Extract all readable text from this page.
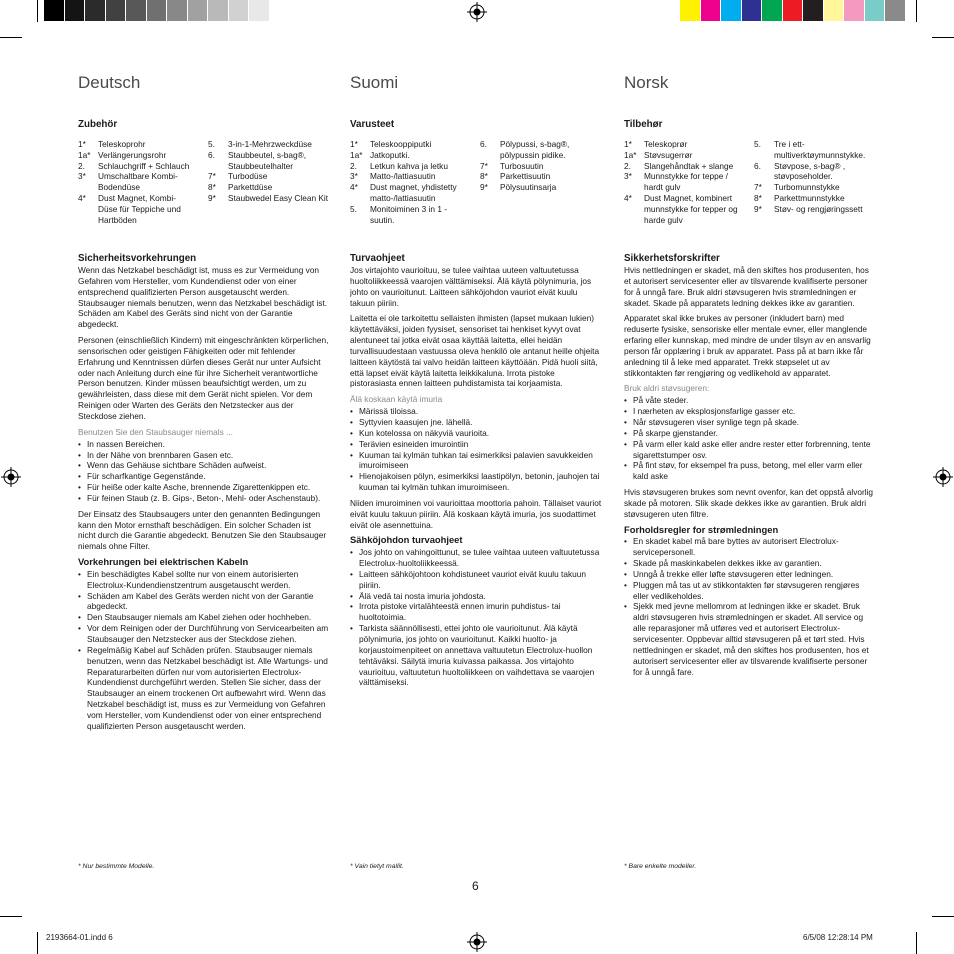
Deutsch
Zubehör
1*	Teleskoprohr
1a* Verlängerungsrohr
2.	Schlauchgriff + Schlauch
3*	Umschaltbare Kombi-Bodendüse
4*	Dust Magnet, Kombi-Düse für Teppiche und Hartböden
5.	3-in-1-Mehrzweckdüse
6.	Staubbeutel, s-bag®, Staubbeutelhalter
7*	Turbodüse
8*	Parkettdüse
9*	Staubwedel Easy Clean Kit
Sicherheitsvorkehrungen

Wenn das Netzkabel beschädigt ist, muss es zur Vermeidung von Gefahren vom Hersteller, vom Kundendienst oder von einer entsprechend qualifizierten Person ausgetauscht werden. Staubsauger niemals benutzen, wenn das Netzkabel beschädigt ist. Schäden am Kabel des Geräts sind nicht von der Garantie abgedeckt.

Personen (einschließlich Kindern) mit eingeschränkten körperlichen, sensorischen oder geistigen Fähigkeiten oder mit fehlender Erfahrung und Kenntnissen dürfen dieses Gerät nur unter Aufsicht oder nach Anleitung durch eine für ihre Sicherheit verantwortliche Person benutzen. Kinder müssen beaufsichtigt werden, um zu gewährleisten, dass diese mit dem Gerät nicht spielen. Vor dem Reinigen oder Warten des Geräts den Netzstecker aus der Steckdose ziehen.

Benutzen Sie den Staubsauger niemals ...

• In nassen Bereichen.
• In der Nähe von brennbaren Gasen etc.
• Wenn das Gehäuse sichtbare Schäden aufweist.
• Für scharfkantige Gegenstände.
• Für heiße oder kalte Asche, brennende Zigarettenkippen etc.
• Für feinen Staub (z. B. Gips-, Beton-, Mehl- oder Aschenstaub).

Der Einsatz des Staubsaugers unter den genannten Bedingungen kann den Motor ernsthaft beschädigen. Ein solcher Schaden ist nicht durch die Garantie abgedeckt. Benutzen Sie den Staubsauger niemals ohne Filter.

Vorkehrungen bei elektrischen Kabeln
• Ein beschädigtes Kabel sollte nur von einem autorisierten Electrolux-Kundendienstzentrum ausgetauscht werden.
• Schäden am Kabel des Geräts werden nicht von der Garantie abgedeckt.
• Den Staubsauger niemals am Kabel ziehen oder hochheben.
• Vor dem Reinigen oder der Durchführung von Servicearbeiten am Staubsauger den Netzstecker aus der Steckdose ziehen.
• Regelmäßig Kabel auf Schäden prüfen. Staubsauger niemals benutzen, wenn das Netzkabel beschädigt ist. Alle Wartungs- und Reparaturarbeiten dürfen nur vom autorisierten Electrolux-Kundendienst durchgeführt werden. Stellen Sie sicher, dass der Staubsauger an einem trockenen Ort aufbewahrt wird. Wenn das Netzkabel beschädigt ist, muss es zur Vermeidung von Gefahren vom Hersteller, vom Kundendienst oder von einer entsprechend qualifizierten Person ausgetauscht werden.
* Nur bestimmte Modelle.
Suomi
Varusteet
1*	Teleskooppiputki
1a* Jatkoputki.
2.	Letkun kahva ja letku
3*	Matto-/lattiasuutin
4*	Dust magnet, yhdistetty matto-/lattiasuutin
5.	Monitoiminen 3 in 1 -suutin.
6.	Pölypussi, s-bag®, pölypussin pidike.
7*	Turbosuutin
8*	Parkettisuutin
9*	Pölysuutinsarja
Turvaohjeet

Jos virtajohto vaurioituu, se tulee vaihtaa uuteen valtuutetussa huoltoliikkeessä vaarojen välttämiseksi. Älä käytä pölynimuria, jos johto on vaurioitunut. Laitteen sähköjohdon vauriot eivät kuulu takuun piiriin.

Laitetta ei ole tarkoitettu sellaisten ihmisten (lapset mukaan lukien) käytettäväksi, joiden fyysiset, sensoriset tai henkiset kyvyt ovat alentuneet tai jotka eivät osaa käyttää laitetta, ellei heidän turvallisuudestaan vastuussa oleva henkilö ole antanut heille ohjeita laitteen käytöstä tai valvo heidän laitteen käyttöään. Pidä huoli siitä, että lapset eivät käytä laitetta leikkikaluna. Irrota pistoke pistorasiasta ennen laitteen puhdistamista tai korjaamista.

Älä koskaan käytä imuria

• Märissä tiloissa.
• Syttyvien kaasujen jne. lähellä.
• Kun kotelossa on näkyviä vaurioita.
• Terävien esineiden imurointiin
• Kuuman tai kylmän tuhkan tai esimerkiksi palavien savukkeiden imuroimiseen
• Hienojakoisen pölyn, esimerkiksi laastipölyn, betonin, jauhojen tai kuuman tai kylmän tuhkan imuroimiseen.

Niiden imuroiminen voi vaurioittaa moottoria pahoin. Tällaiset vauriot eivät kuulu takuun piiriin. Älä koskaan käytä imuria, jos suodattimet eivät ole asennettuina.

Sähköjohdon turvaohjeet
• Jos johto on vahingoittunut, se tulee vaihtaa uuteen valtuutetussa Electrolux-huoltoliikkeessä.
• Laitteen sähköjohtoon kohdistuneet vauriot eivät kuulu takuun piiriin.
• Älä vedä tai nosta imuria johdosta.
• Irrota pistoke virtalähteestä ennen imurin puhdistus- tai huoltotoimia.
• Tarkista säännöllisesti, ettei johto ole vaurioitunut. Älä käytä pölynimuria, jos johto on vaurioitunut. Kaikki huolto- ja korjaustoimenpiteet on annettava valtuutetun Electrolux-huollon tehtäväksi. Säilytä imuria kuivassa paikassa. Jos virtajohto vaurioituu, valtuutetun huoltoliikkeen on vaihdettava se vaarojen välttämiseksi.
* Vain tietyt mallit.
Norsk
Tilbehør
1*	Teleskoprør
1a* Støvsugerrør
2.	Slangehåndtak + slange
3*	Munnstykke for teppe / hardt gulv
4*	Dust Magnet, kombinert munnstykke for tepper og harde gulv
5.	Tre i ett-multiverktøymunnstykke.
6.	Støvpose, s-bag® , støvposeholder.
7*	Turbomunnstykke
8*	Parkettmunnstykke
9*	Støv- og rengjøringssett
Sikkerhetsforskrifter

Hvis nettledningen er skadet, må den skiftes hos produsenten, hos et autorisert servicesenter eller av tilsvarende kvalifiserte personer for å unngå fare. Bruk aldri støvsugeren hvis strømledningen er skadet. Skade på apparatets ledning dekkes ikke av garantien.

Apparatet skal ikke brukes av personer (inkludert barn) med reduserte fysiske, sensoriske eller mentale evner, eller manglende erfaring eller kunnskap, med mindre de under tilsyn av en ansvarlig person får opplæring i bruk av apparatet. Pass på at barn ikke får anledning til å leke med apparatet. Trekk støpselet ut av stikkontakten før rengjøring og vedlikehold av apparatet.

Bruk aldri støvsugeren:

• På våte steder.
• I nærheten av eksplosjonsfarlige gasser etc.
• Når støvsugeren viser synlige tegn på skade.
• På skarpe gjenstander.
• På varm eller kald aske eller andre rester etter forbrenning, tente sigarettstumper osv.
• På fint støv, for eksempel fra puss, betong, mel eller varm eller kald aske

Hvis støvsugeren brukes som nevnt ovenfor, kan det oppstå alvorlig skade på motoren. Slik skade dekkes ikke av garantien. Bruk aldri støvsugeren uten filtre.

Forholdsregler for strømledningen
• En skadet kabel må bare byttes av autorisert Electrolux-servicepersonell.
• Skade på maskinkabelen dekkes ikke av garantien.
• Unngå å trekke eller løfte støvsugeren etter ledningen.
• Pluggen må tas ut av stikkontakten før støvsugeren rengjøres eller vedlikeholdes.
• Sjekk med jevne mellomrom at ledningen ikke er skadet. Bruk aldri støvsugeren hvis strømledningen er skadet. All service og alle reparasjoner må utføres ved et autorisert Electrolux-servicesenter. Oppbevar alltid støvsugeren på et tørt sted. Hvis nettledningen er skadet, må den skiftes hos produsenten, hos et autorisert servicesenter eller av tilsvarende kvalifiserte personer for å unngå fare.
* Bare enkelte modeller.
6
2193664-01.indd 6	6/5/08 12:28:14 PM
